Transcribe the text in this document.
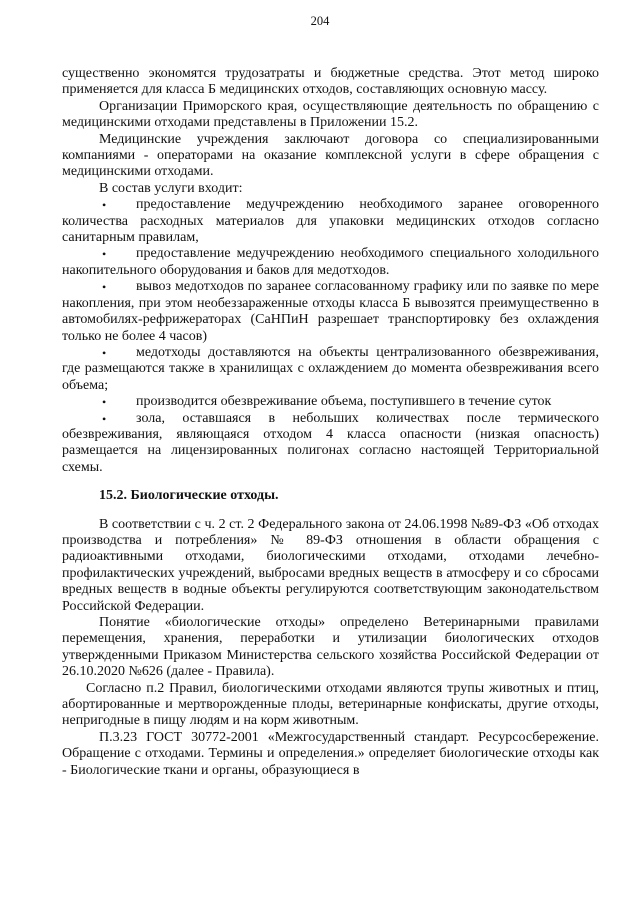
204

существенно экономятся трудозатраты и бюджетные средства. Этот метод широко применяется для класса Б медицинских отходов, составляющих основную массу.

Организации Приморского края, осуществляющие деятельность по обращению с медицинскими отходами представлены в Приложении 15.2.

Медицинские учреждения заключают договора со специализированными компаниями - операторами на оказание комплексной услуги в сфере обращения с медицинскими отходами.

В состав услуги входит:

• предоставление медучреждению необходимого заранее оговоренного количества расходных материалов для упаковки медицинских отходов согласно санитарным правилам,
• предоставление медучреждению необходимого специального холодильного накопительного оборудования и баков для медотходов.
• вывоз медотходов по заранее согласованному графику или по заявке по мере накопления, при этом необеззараженные отходы класса Б вывозятся преимущественно в автомобилях-рефрижераторах (СаНПиН разрешает транспортировку без охлаждения только не более 4 часов)
• медотходы доставляются на объекты централизованного обезвреживания, где размещаются также в хранилищах с охлаждением до момента обезвреживания всего объема;
• производится обезвреживание объема, поступившего в течение суток
• зола, оставшаяся в небольших количествах после термического обезвреживания, являющаяся отходом 4 класса опасности (низкая опасность) размещается на лицензированных полигонах согласно настоящей Территориальной схемы.

15.2. Биологические отходы.

В соответствии с ч. 2 ст. 2 Федерального закона от 24.06.1998 №89-ФЗ «Об отходах производства и потребления» № 89-ФЗ отношения в области обращения с радиоактивными отходами, биологическими отходами, отходами лечебно-профилактических учреждений, выбросами вредных веществ в атмосферу и со сбросами вредных веществ в водные объекты регулируются соответствующим законодательством Российской Федерации.

Понятие «биологические отходы» определено Ветеринарными правилами перемещения, хранения, переработки и утилизации биологических отходов утвержденными Приказом Министерства сельского хозяйства Российской Федерации от 26.10.2020 №626 (далее - Правила).

Согласно п.2 Правил, биологическими отходами являются трупы животных и птиц, абортированные и мертворожденные плоды, ветеринарные конфискаты, другие отходы, непригодные в пищу людям и на корм животным.

П.3.23 ГОСТ 30772-2001 «Межгосударственный стандарт. Ресурсосбережение. Обращение с отходами. Термины и определения.» определяет биологические отходы как - Биологические ткани и органы, образующиеся в
